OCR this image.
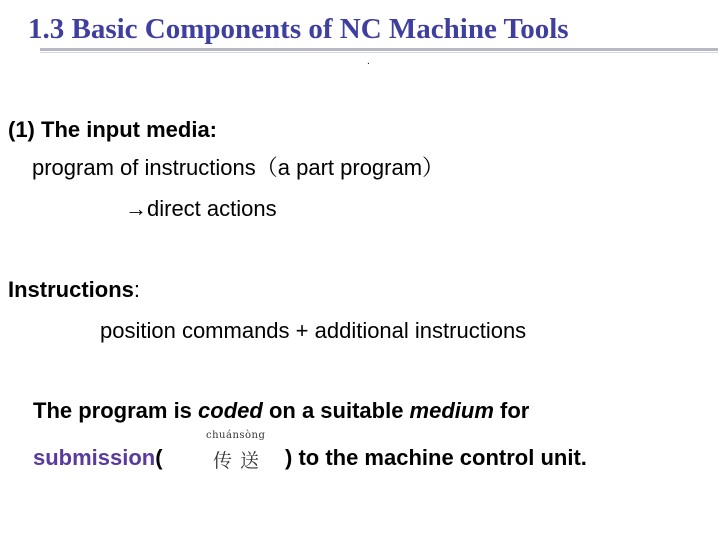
1.3 Basic Components of NC Machine Tools
.
(1) The input media:
program of instructions（a part program）
→direct actions
Instructions:
position commands + additional instructions
The program is coded on a suitable medium for
submission(
chuánsòng
传送 ) to the machine control unit.
